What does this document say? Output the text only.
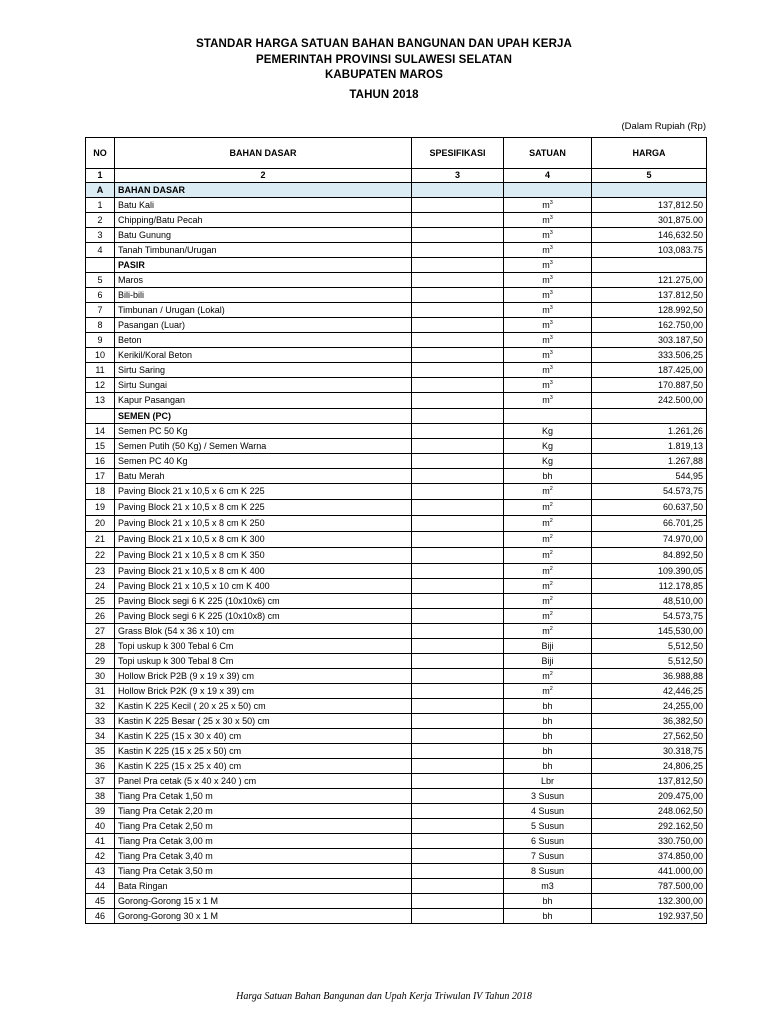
STANDAR HARGA SATUAN BAHAN BANGUNAN DAN UPAH KERJA
PEMERINTAH PROVINSI SULAWESI SELATAN
KABUPATEN MAROS
TAHUN 2018
(Dalam Rupiah (Rp)
NO	BAHAN DASAR	SPESIFIKASI	SATUAN	HARGA
1	2	3	4	5
A	BAHAN DASAR			
1	Batu Kali		$m^3$	137,812.50
2	Chipping/Batu Pecah		$m^3$	301,875.00
3	Batu Gunung		$m^3$	146,632.50
4	Tanah Timbunan/Urugan		$m^3$	103,083.75
	PASIR		$m^3$	
5	Maros		$m^3$	121.275,00
6	Bili-bili		$m^3$	137.812,50
7	Timbunan / Urugan (Lokal)		$m^3$	128.992,50
8	Pasangan (Luar)		$m^3$	162.750,00
9	Beton		$m^3$	303.187,50
10	Kerikil/Koral Beton		$m^3$	333.506,25
11	Sirtu Saring		$m^3$	187.425,00
12	Sirtu Sungai		$m^3$	170.887,50
13	Kapur Pasangan		$m^3$	242.500,00
	SEMEN (PC)			
14	Semen PC 50 Kg		Kg	1.261,26
15	Semen Putih (50 Kg) / Semen Warna		Kg	1.819,13
16	Semen PC 40 Kg		Kg	1.267,88
17	Batu Merah		bh	544,95
18	Paving Block 21 x 10,5 x 6 cm K 225		$m^2$	54.573,75
19	Paving Block 21 x 10,5 x 8 cm K 225		$m^2$	60.637,50
20	Paving Block 21 x 10,5 x 8 cm K 250		$m^2$	66.701,25
21	Paving Block 21 x 10,5 x 8 cm K 300		$m^2$	74.970,00
22	Paving Block 21 x 10,5 x 8 cm K 350		$m^2$	84.892,50
23	Paving Block 21 x 10,5 x 8 cm K 400		$m^2$	109.390,05
24	Paving Block 21 x 10,5 x 10 cm K 400		$m^2$	112.178,85
25	Paving Block segi 6 K 225 (10x10x6) cm		$m^2$	48,510,00
26	Paving Block segi 6 K 225 (10x10x8) cm		$m^2$	54.573,75
27	Grass Blok (54 x 36 x 10) cm		$m^2$	145,530,00
28	Topi uskup k 300 Tebal 6 Cm		Biji	5,512,50
29	Topi uskup k 300 Tebal 8 Cm		Biji	5,512,50
30	Hollow Brick P2B (9 x 19 x 39) cm		$m^2$	36.988,88
31	Hollow Brick P2K (9 x 19 x 39) cm		$m^2$	42,446,25
32	Kastin K 225 Kecil ( 20 x 25 x 50) cm		bh	24,255,00
33	Kastin K 225 Besar ( 25 x 30 x 50) cm		bh	36,382,50
34	Kastin K 225 (15 x 30 x 40) cm		bh	27,562,50
35	Kastin K 225 (15 x 25 x 50) cm		bh	30.318,75
36	Kastin K 225 (15 x 25 x 40) cm		bh	24,806,25
37	Panel Pra cetak (5 x 40 x 240 ) cm		Lbr	137,812,50
38	Tiang Pra Cetak 1,50 m		3 Susun	209.475,00
39	Tiang Pra Cetak 2,20 m		4 Susun	248.062,50
40	Tiang Pra Cetak 2,50 m		5 Susun	292.162,50
41	Tiang Pra Cetak 3,00 m		6 Susun	330.750,00
42	Tiang Pra Cetak 3,40 m		7 Susun	374.850,00
43	Tiang Pra Cetak 3,50 m		8 Susun	441.000,00
44	Bata Ringan		m3	787.500,00
45	Gorong-Gorong 15 x 1 M		bh	132.300,00
46	Gorong-Gorong 30 x 1 M		bh	192.937,50
Harga Satuan Bahan Bangunan dan Upah Kerja Triwulan IV Tahun 2018
